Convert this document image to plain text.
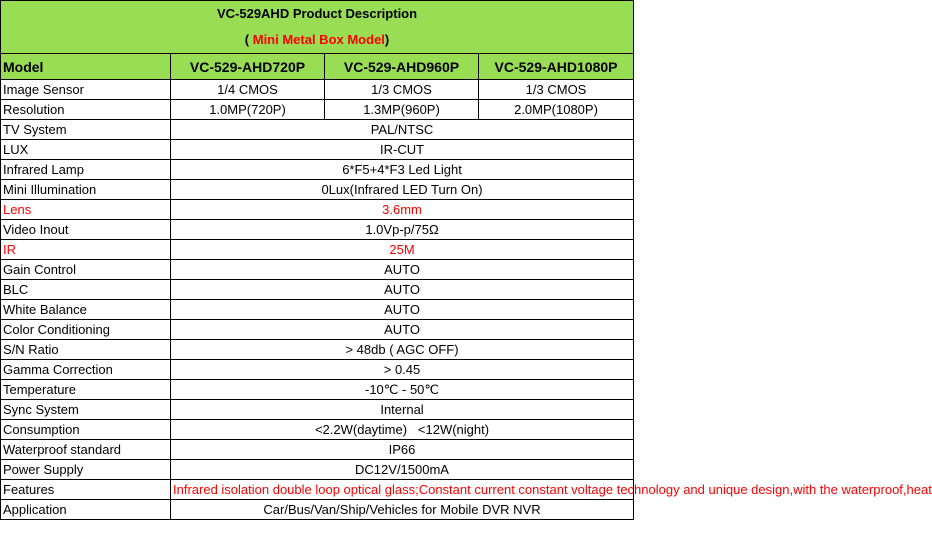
VC-529AHD Product Description
( Mini Metal Box Model)			

Model	VC-529-AHD720P	VC-529-AHD960P	VC-529-AHD1080P
Image Sensor	1/4 CMOS	1/3 CMOS	1/3 CMOS
Resolution	1.0MP(720P)	1.3MP(960P)	2.0MP(1080P)
TV System	PAL/NTSC		
LUX	IR-CUT		
Infrared Lamp	6*F5+4*F3 Led Light		
Mini Illumination	0Lux(Infrared LED Turn On)		
Lens	3.6mm		
Video Inout	1.0Vp-p/75Ω		
IR	25M		
Gain Control	AUTO		
BLC	AUTO		
White Balance	AUTO		
Color Conditioning	AUTO		
S/N Ratio	> 48db ( AGC OFF)		
Gamma Correction	> 0.45		
Temperature	-10℃ - 50℃		
Sync System	Internal		
Consumption	<2.2W(daytime)   <12W(night)		
Waterproof standard	IP66		
Power Supply	DC12V/1500mA		
Features	Infrared isolation double loop optical glass;Constant current constant voltage technology and unique design,with the waterproof,heat		
Application	Car/Bus/Van/Ship/Vehicles for Mobile DVR NVR		
